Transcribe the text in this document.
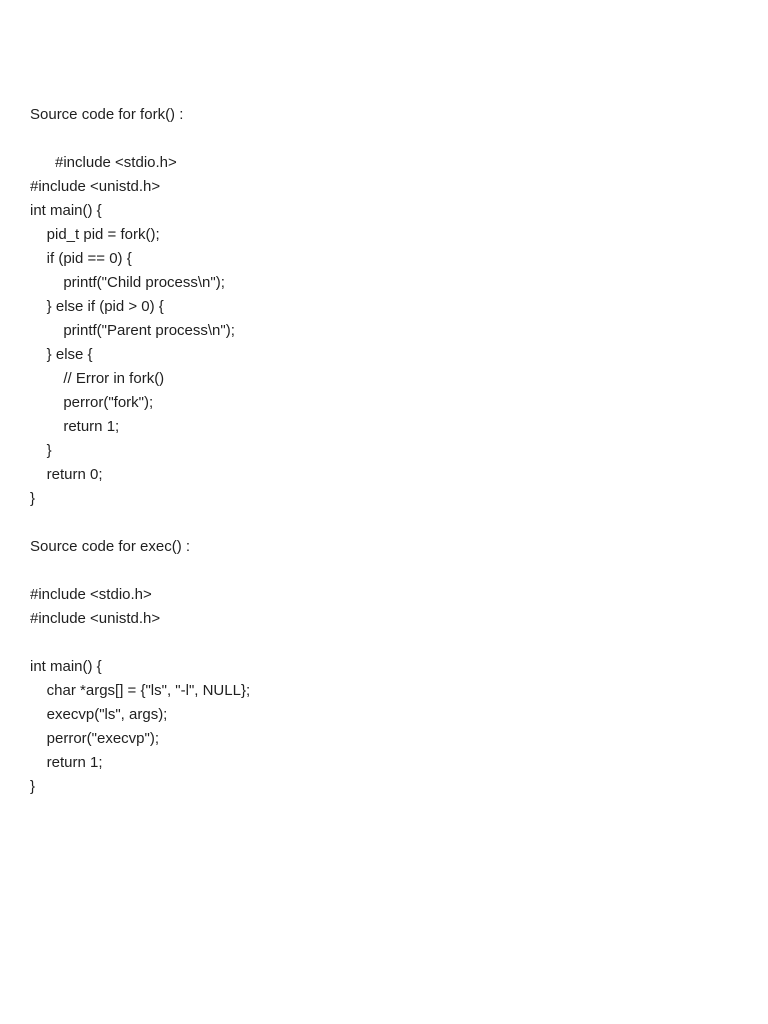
Source code for fork() :
#include <stdio.h>
#include <unistd.h>
int main() {
pid_t pid = fork();
if (pid == 0) {
printf("Child process\n");
} else if (pid > 0) {
printf("Parent process\n");
} else {
// Error in fork()
perror("fork");
return 1;
}
return 0;
}
Source code for exec() :
#include <stdio.h>
#include <unistd.h>
int main() {
char *args[] = {"ls", "-l", NULL};
execvp("ls", args);
perror("execvp");
return 1;
}
